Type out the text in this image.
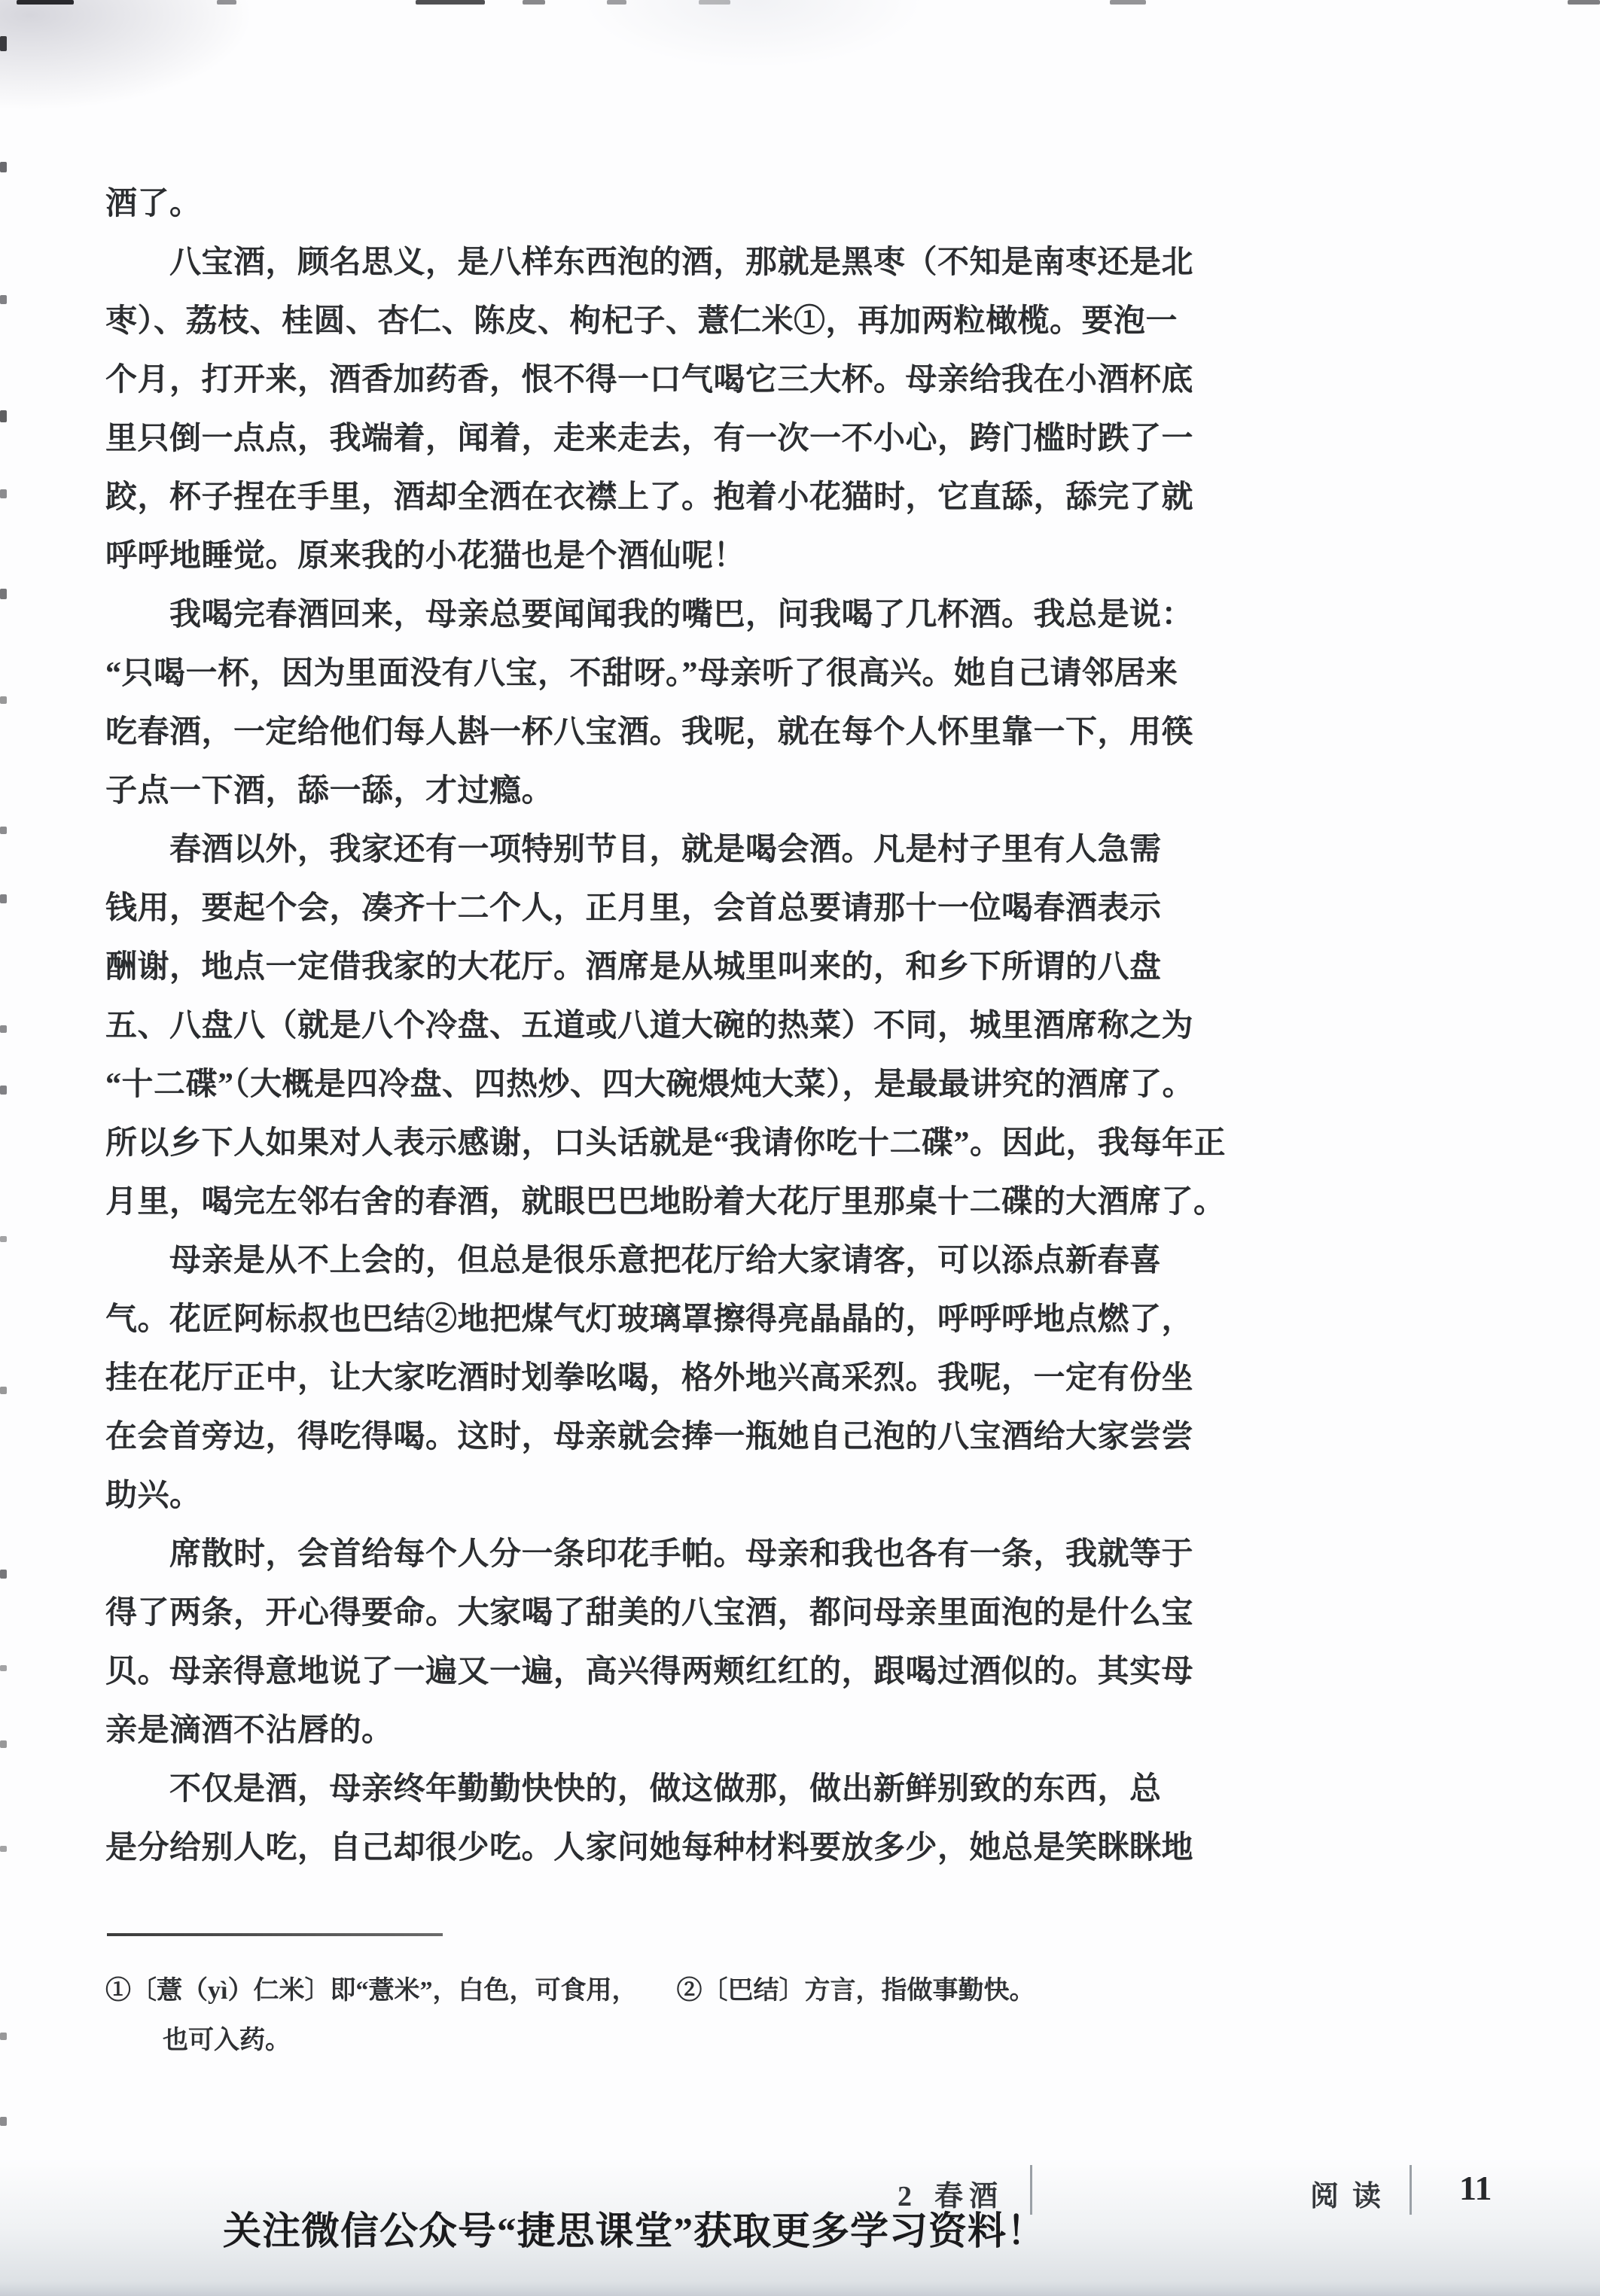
酒了。
　　八宝酒，顾名思义，是八样东西泡的酒，那就是黑枣（不知是南枣还是北
枣）、荔枝、桂圆、杏仁、陈皮、枸杞子、薏仁米①，再加两粒橄榄。要泡一
个月，打开来，酒香加药香，恨不得一口气喝它三大杯。母亲给我在小酒杯底
里只倒一点点，我端着，闻着，走来走去，有一次一不小心，跨门槛时跌了一
跤，杯子捏在手里，酒却全洒在衣襟上了。抱着小花猫时，它直舔，舔完了就
呼呼地睡觉。原来我的小花猫也是个酒仙呢！
　　我喝完春酒回来，母亲总要闻闻我的嘴巴，问我喝了几杯酒。我总是说：
“只喝一杯，因为里面没有八宝，不甜呀。”母亲听了很高兴。她自己请邻居来
吃春酒，一定给他们每人斟一杯八宝酒。我呢，就在每个人怀里靠一下，用筷
子点一下酒，舔一舔，才过瘾。
　　春酒以外，我家还有一项特别节目，就是喝会酒。凡是村子里有人急需
钱用，要起个会，凑齐十二个人，正月里，会首总要请那十一位喝春酒表示
酬谢，地点一定借我家的大花厅。酒席是从城里叫来的，和乡下所谓的八盘
五、八盘八（就是八个冷盘、五道或八道大碗的热菜）不同，城里酒席称之为
“十二碟”（大概是四冷盘、四热炒、四大碗煨炖大菜），是最最讲究的酒席了。
所以乡下人如果对人表示感谢，口头话就是“我请你吃十二碟”。因此，我每年正
月里，喝完左邻右舍的春酒，就眼巴巴地盼着大花厅里那桌十二碟的大酒席了。
　　母亲是从不上会的，但总是很乐意把花厅给大家请客，可以添点新春喜
气。花匠阿标叔也巴结②地把煤气灯玻璃罩擦得亮晶晶的，呼呼呼地点燃了，
挂在花厅正中，让大家吃酒时划拳吆喝，格外地兴高采烈。我呢，一定有份坐
在会首旁边，得吃得喝。这时，母亲就会捧一瓶她自己泡的八宝酒给大家尝尝
助兴。
　　席散时，会首给每个人分一条印花手帕。母亲和我也各有一条，我就等于
得了两条，开心得要命。大家喝了甜美的八宝酒，都问母亲里面泡的是什么宝
贝。母亲得意地说了一遍又一遍，高兴得两颊红红的，跟喝过酒似的。其实母
亲是滴酒不沾唇的。
　　不仅是酒，母亲终年勤勤快快的，做这做那，做出新鲜别致的东西，总
是分给别人吃，自己却很少吃。人家问她每种材料要放多少，她总是笑眯眯地
①〔薏（yì）仁米〕即“薏米”，白色，可食用， ②〔巴结〕方言，指做事勤快。
也可入药。
2 春酒	阅读 11
关注微信公众号“捷思课堂”获取更多学习资料！
